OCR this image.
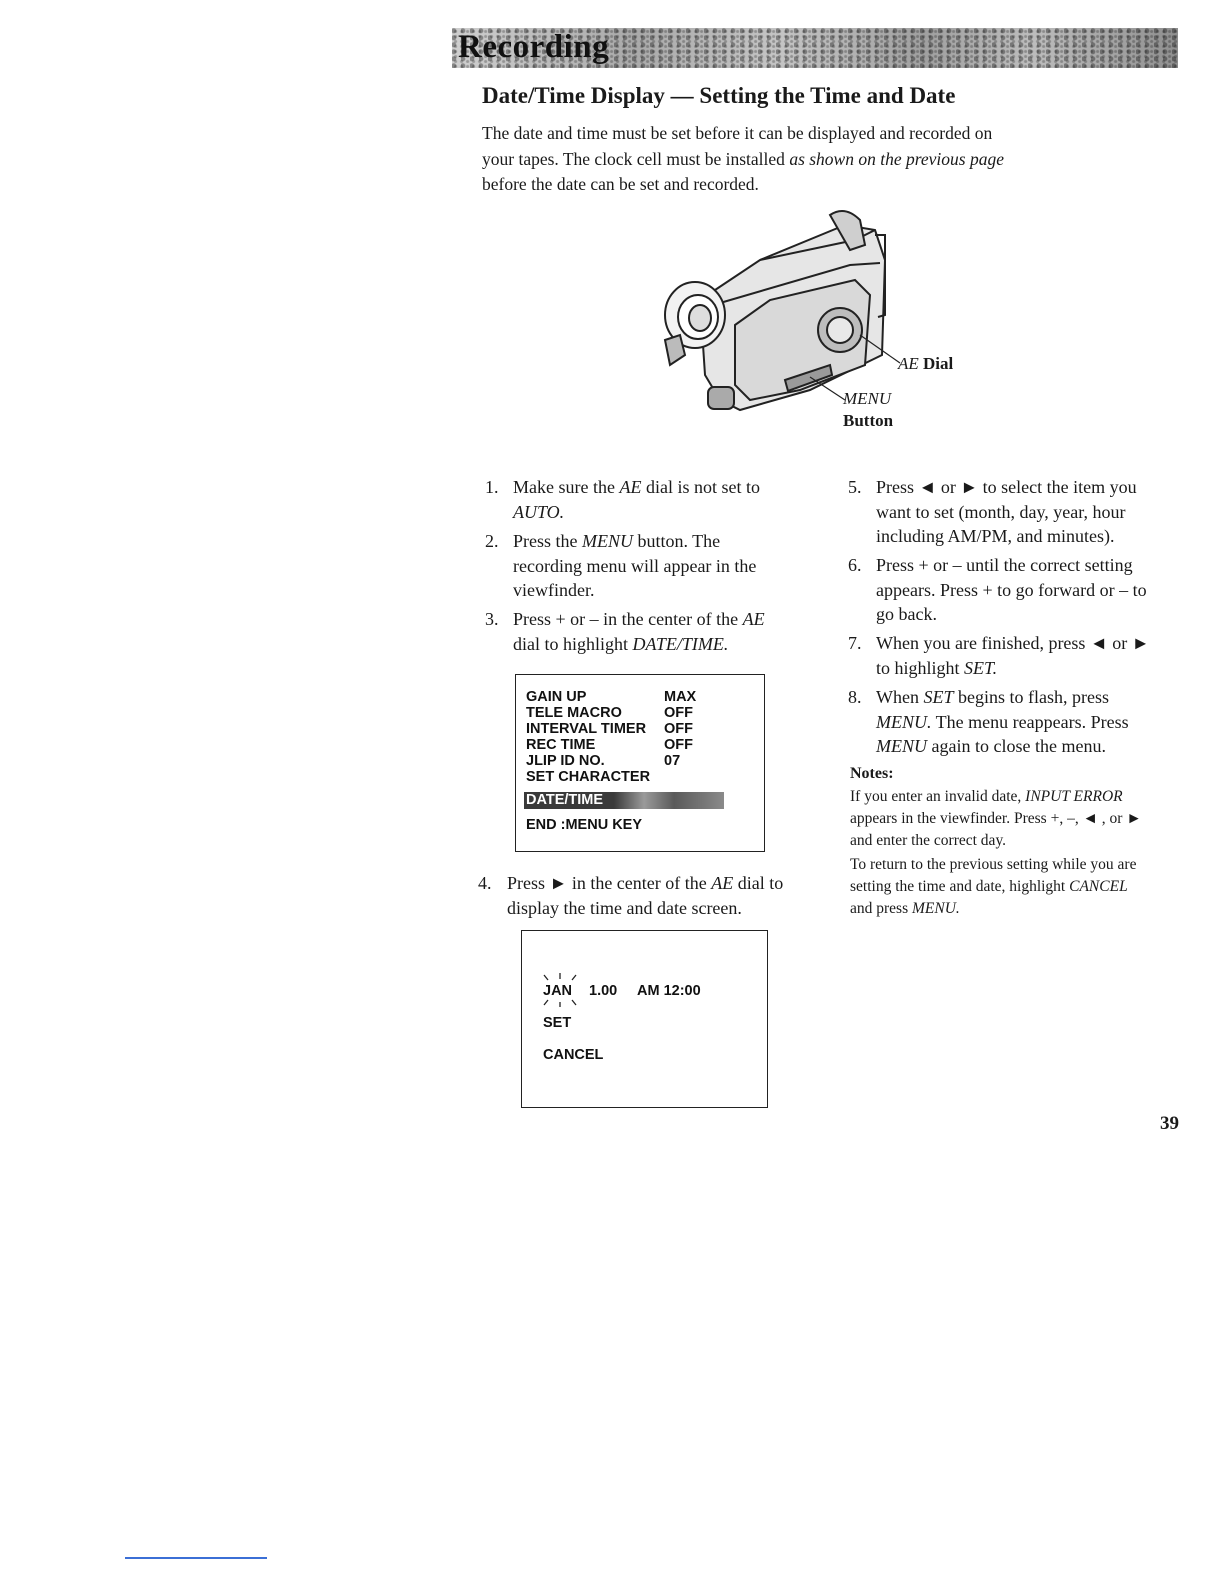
Recording
Date/Time Display — Setting the Time and Date
The date and time must be set before it can be displayed and recorded on
your tapes. The clock cell must be installed as shown on the previous page
before the date can be set and recorded.
AE Dial
MENU
Button
1. Make sure the AE dial is not set to
AUTO.
2. Press the MENU button. The
recording menu will appear in the
viewfinder.
3. Press + or – in the center of the AE
dial to highlight DATE/TIME.
GAIN UP	MAX
TELE MACRO	OFF
INTERVAL TIMER OFF
REC TIME	OFF
JLIP ID NO.	07
SET CHARACTER
DATE/TIME
END :MENU KEY
4. Press ► in the center of the AE dial to
display the time and date screen.
JAN 1.00 AM 12:00
SET
CANCEL
5. Press ◄ or ► to select the item you
want to set (month, day, year, hour
including AM/PM, and minutes).
6. Press + or – until the correct setting
appears. Press + to go forward or – to
go back.
7. When you are finished, press ◄ or ►
to highlight SET.
8. When SET begins to flash, press
MENU. The menu reappears. Press
MENU again to close the menu.
Notes:
If you enter an invalid date, INPUT ERROR
appears in the viewfinder. Press +, –, ◄ , or ►
and enter the correct day.
To return to the previous setting while you are
setting the time and date, highlight CANCEL
and press MENU.
39
